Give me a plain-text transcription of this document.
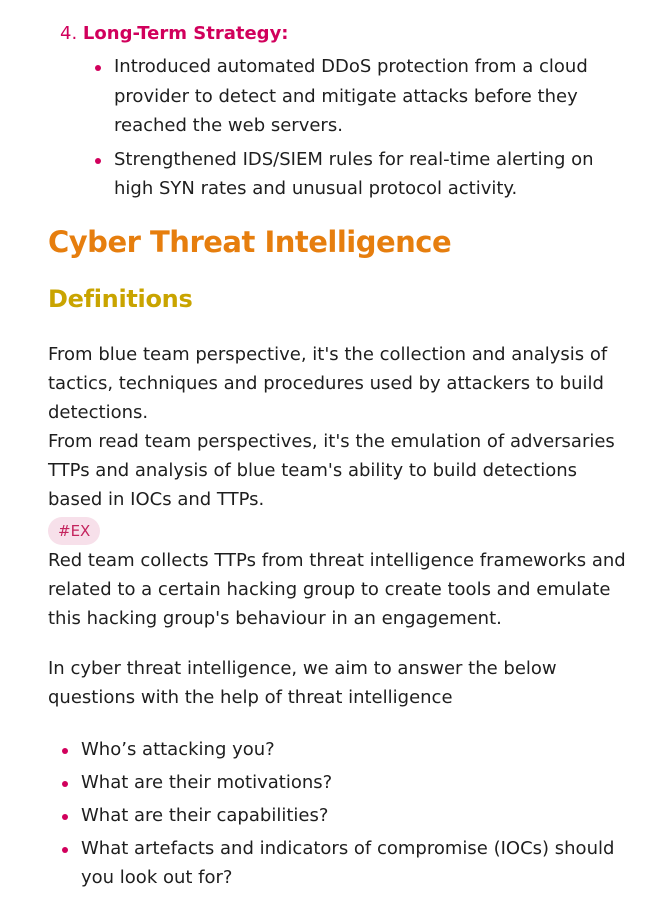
4. Long-Term Strategy:
Introduced automated DDoS protection from a cloud provider to detect and mitigate attacks before they reached the web servers.
Strengthened IDS/SIEM rules for real-time alerting on high SYN rates and unusual protocol activity.
Cyber Threat Intelligence
Definitions

From blue team perspective, it's the collection and analysis of tactics, techniques and procedures used by attackers to build detections.

From read team perspectives, it's the emulation of adversaries TTPs and analysis of blue team's ability to build detections based in IOCs and TTPs.

#EX

Red team collects TTPs from threat intelligence frameworks and related to a certain hacking group to create tools and emulate this hacking group's behaviour in an engagement.

In cyber threat intelligence, we aim to answer the below questions with the help of threat intelligence

Who’s attacking you?
What are their motivations?
What are their capabilities?
What artefacts and indicators of compromise (IOCs) should you look out for?
